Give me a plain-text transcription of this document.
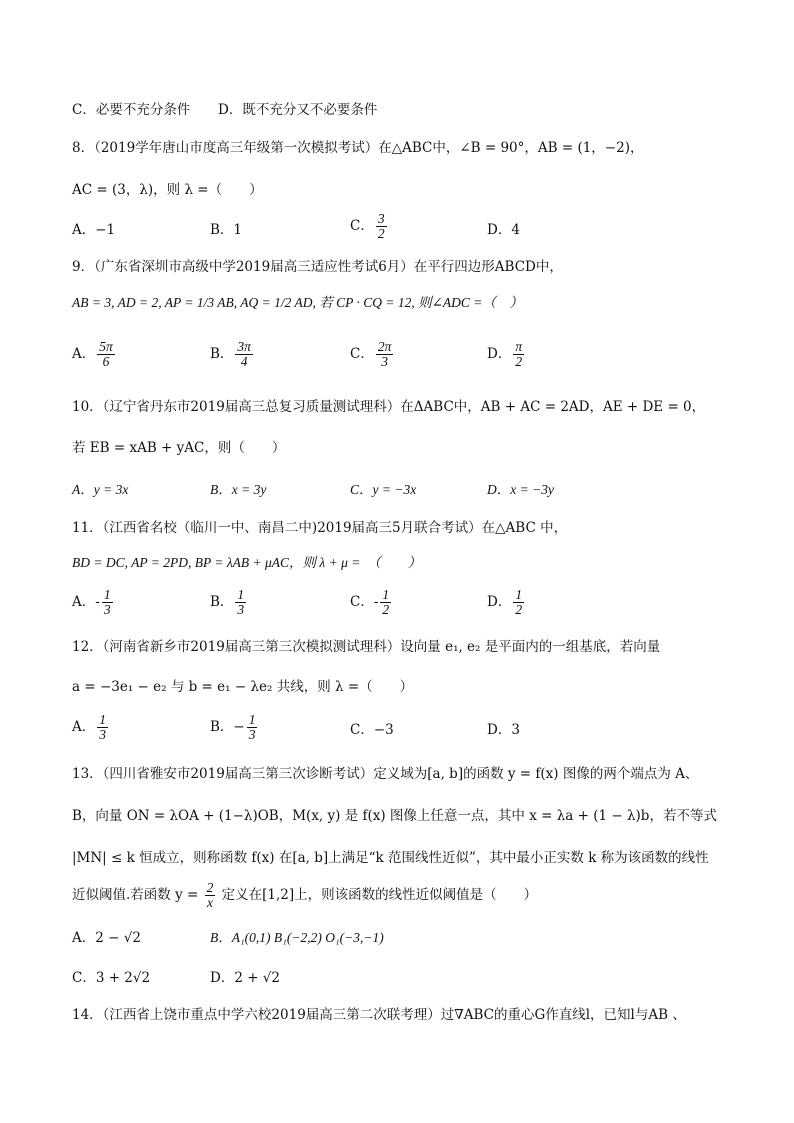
C．必要不充分条件 D．既不充分又不必要条件
8．（2019学年唐山市度高三年级第一次模拟考试）在△ABC中，∠B = 90°，AB = (1，−2)，
AC = (3，λ)，则 λ =（　　）
A．−1	B．1	C． $\frac{3}{2}$	D．4
9．（广东省深圳市高级中学2019届高三适应性考试6月）在平行四边形ABCD中，
AB = 3, AD = 2, AP = 1/3 AB, AQ = 1/2 AD, 若 CP · CQ = 12, 则∠ADC =（　）
A． $\frac{5\pi}{6}$	B． $\frac{3\pi}{4}$	C． $\frac{2\pi}{3}$	D． $\frac{\pi}{2}$
10．（辽宁省丹东市2019届高三总复习质量测试理科）在ΔABC中，AB + AC = 2AD，AE + DE = 0，
若 EB = xAB + yAC，则（　　）
A．y = 3x	B．x = 3y	C．y = −3x	D．x = −3y
11．（江西省名校（临川一中、南昌二中)2019届高三5月联合考试）在△ABC 中，
BD = DC, AP = 2PD, BP = λAB + μAC，则 λ + μ =　（　　）
A．- $\frac{1}{3}$	B． $\frac{1}{3}$	C．- $\frac{1}{2}$	D． $\frac{1}{2}$
12．（河南省新乡市2019届高三第三次模拟测试理科）设向量 e₁, e₂ 是平面内的一组基底，若向量
a = −3e₁ − e₂ 与 b = e₁ − λe₂ 共线，则 λ =（　　）
A． $\frac{1}{3}$	B．− $\frac{1}{3}$	C．−3	D．3
13．（四川省雅安市2019届高三第三次诊断考试）定义域为[a, b]的函数 y = f(x) 图像的两个端点为 A、
B，向量 ON = λOA + (1−λ)OB，M(x, y) 是 f(x) 图像上任意一点，其中 x = λa + (1 − λ)b，若不等式
|MN| ≤ k 恒成立，则称函数 f(x) 在[a, b]上满足“k 范围线性近似”，其中最小正实数 k 称为该函数的线性
近似阈值.若函数 $y = \frac{2}{x}$ 定义在[1,2]上，则该函数的线性近似阈值是（　　）
A．2 − √2	B．A₁(0,1) B₁(−2,2) O₁(−3,−1)
C．3 + 2√2	D．2 + √2
14．（江西省上饶市重点中学六校2019届高三第二次联考理）过∇ABC的重心G作直线l，已知l与AB 、
